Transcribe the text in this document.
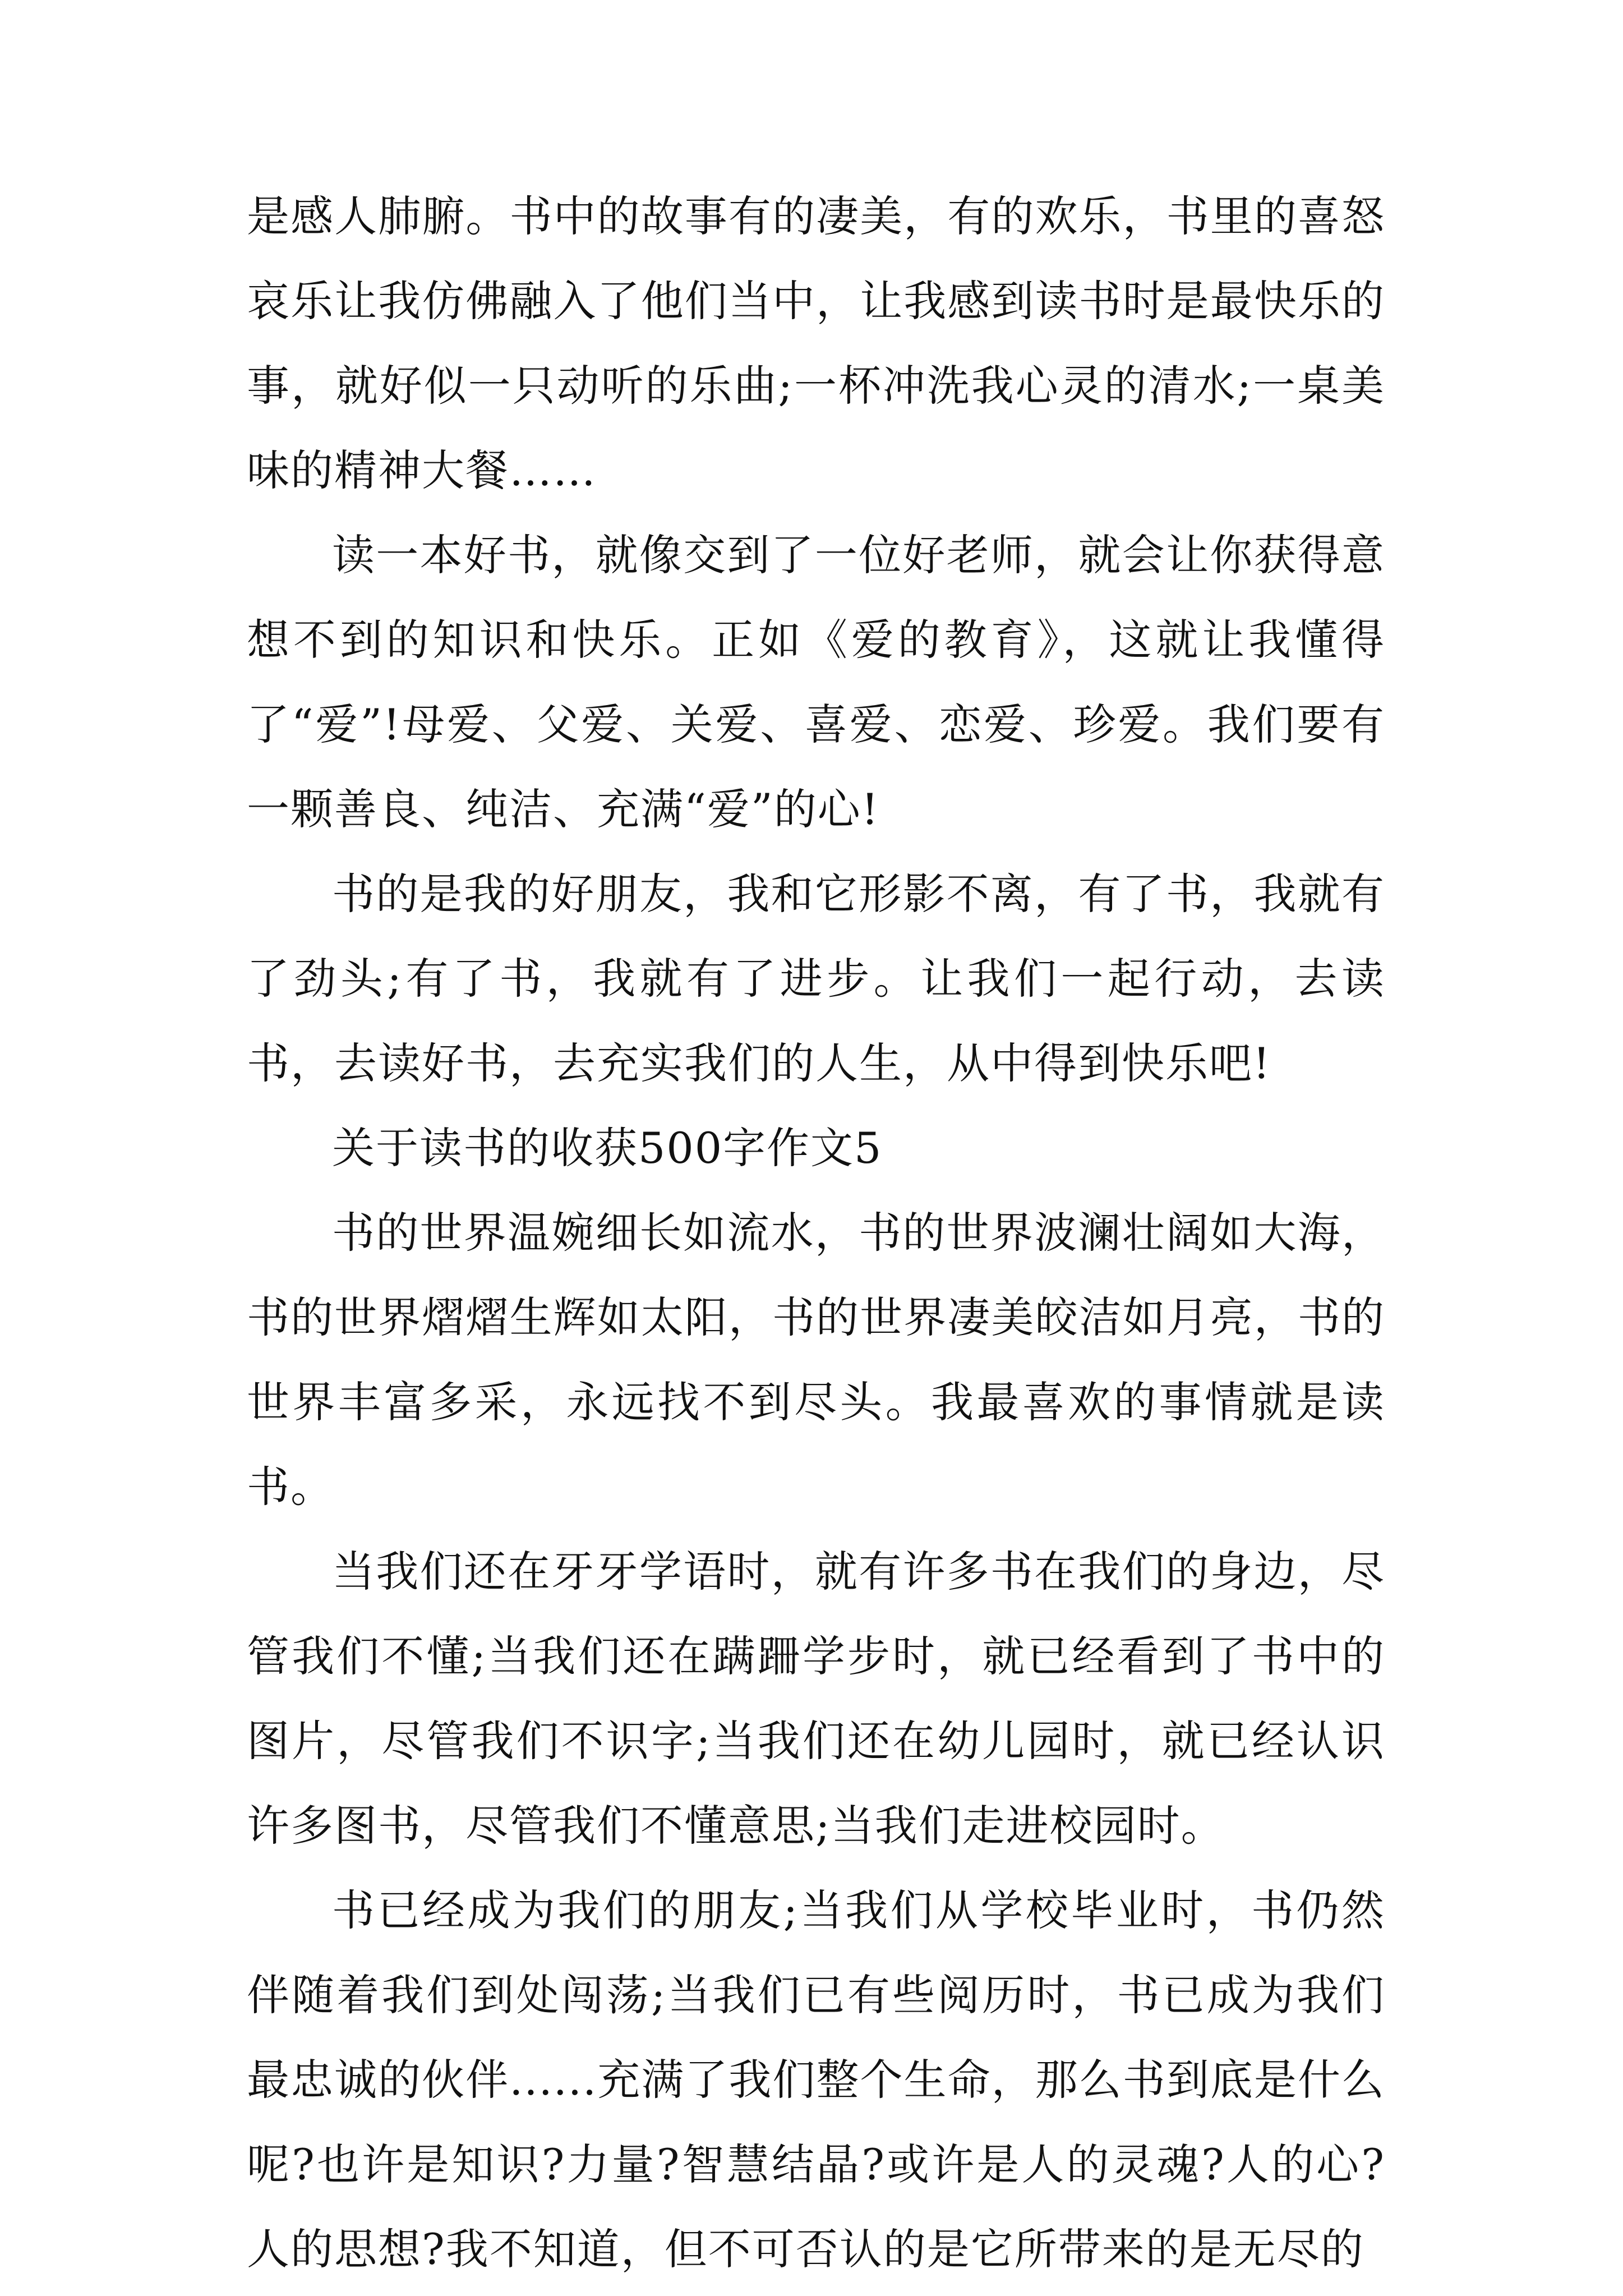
是感人肺腑。书中的故事有的凄美，有的欢乐，书里的喜怒哀乐让我仿佛融入了他们当中，让我感到读书时是最快乐的事，就好似一只动听的乐曲;一杯冲洗我心灵的清水;一桌美味的精神大餐……

读一本好书，就像交到了一位好老师，就会让你获得意想不到的知识和快乐。正如《爱的教育》，这就让我懂得了“爱”!母爱、父爱、关爱、喜爱、恋爱、珍爱。我们要有一颗善良、纯洁、充满“爱”的心!

书的是我的好朋友，我和它形影不离，有了书，我就有了劲头;有了书，我就有了进步。让我们一起行动，去读书，去读好书，去充实我们的人生，从中得到快乐吧!

关于读书的收获500字作文5

书的世界温婉细长如流水，书的世界波澜壮阔如大海，书的世界熠熠生辉如太阳，书的世界凄美皎洁如月亮，书的世界丰富多采，永远找不到尽头。我最喜欢的事情就是读书。

当我们还在牙牙学语时，就有许多书在我们的身边，尽管我们不懂;当我们还在蹒跚学步时，就已经看到了书中的图片，尽管我们不识字;当我们还在幼儿园时，就已经认识许多图书，尽管我们不懂意思;当我们走进校园时。

书已经成为我们的朋友;当我们从学校毕业时，书仍然伴随着我们到处闯荡;当我们已有些阅历时，书已成为我们最忠诚的伙伴......充满了我们整个生命，那么书到底是什么呢?也许是知识?力量?智慧结晶?或许是人的灵魂?人的心?人的思想?我不知道，但不可否认的是它所带来的是无尽的
